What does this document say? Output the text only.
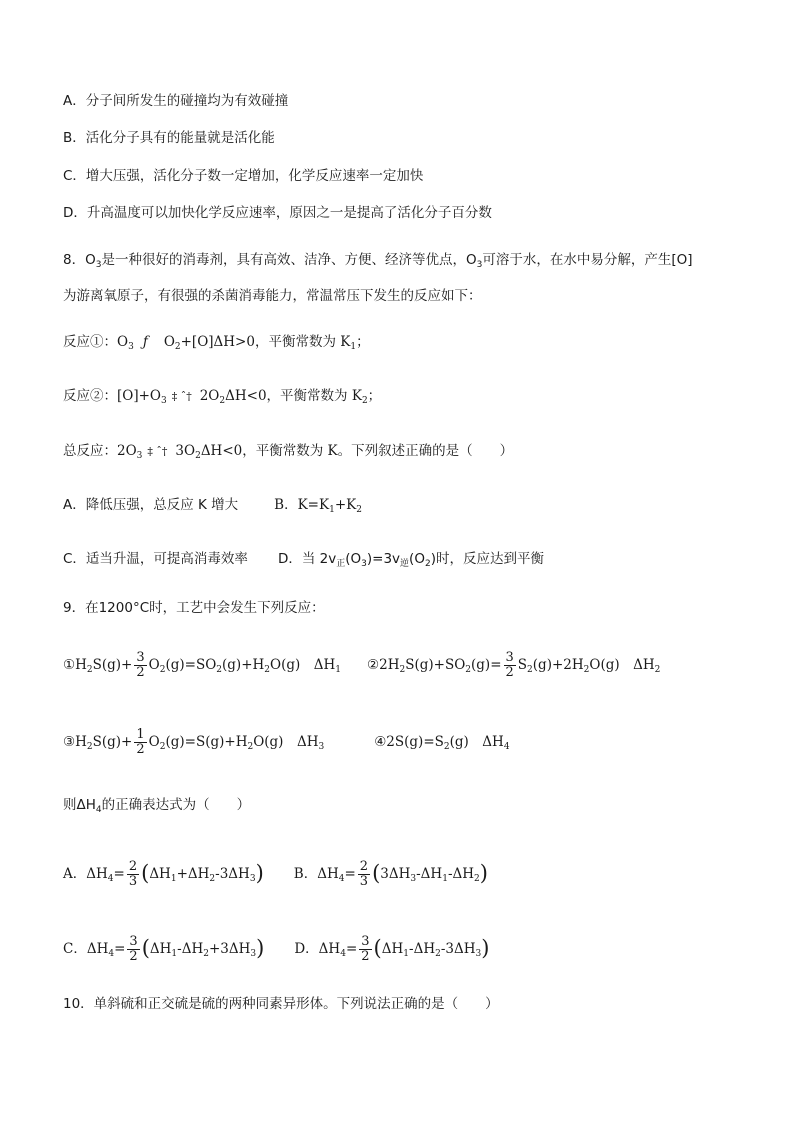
A．分子间所发生的碰撞均为有效碰撞
B．活化分子具有的能量就是活化能
C．增大压强，活化分子数一定增加，化学反应速率一定加快
D．升高温度可以加快化学反应速率，原因之一是提高了活化分子百分数
8．$O_3$是一种很好的消毒剂，具有高效、洁净、方便、经济等优点，$O_3$可溶于水，在水中易分解，产生[O]
为游离氧原子，有很强的杀菌消毒能力，常温常压下发生的反应如下：
反应①：$O_3$ ƒ $O_2+[O]\Delta H>0$，平衡常数为 $K_1$；
反应②：$[O]+O_3$ ‡ ˆ† $2O_2\Delta H<0$，平衡常数为 $K_2$；
总反应：$2O_3$ ‡ ˆ† $3O_2\Delta H<0$，平衡常数为 K。下列叙述正确的是（　　）
A．降低压强，总反应 K 增大	B．$K=K_1+K_2$
C．适当升温，可提高消毒效率 D．当 $2v_正(O_3)=3v_逆(O_2)$时，反应达到平衡
9．在1200°C时，工艺中会发生下列反应：
$①H_2S(g)+ \frac{3}{2} O_2(g)=SO_2(g)+H_2O(g)$　$\Delta H_1$ $②2H_2S(g)+SO_2(g)= \frac{3}{2} S_2(g)+2H_2O(g)$　$\Delta H_2$
$③H_2S(g)+ \frac{1}{2} O_2(g)=S(g)+H_2O(g)$　$\Delta H_3$	$④2S(g)=S_2(g)$　$\Delta H_4$
则$\Delta H_4$的正确表达式为（　　）
A．$\Delta H_4= \frac{2}{3} (\Delta H_1+\Delta H_2-3\Delta H_3)$ B．$\Delta H_4= \frac{2}{3} (3\Delta H_3-\Delta H_1-\Delta H_2)$
C．$\Delta H_4= \frac{3}{2} (\Delta H_1-\Delta H_2+3\Delta H_3)$ D．$\Delta H_4= \frac{3}{2} (\Delta H_1-\Delta H_2-3\Delta H_3)$
10．单斜硫和正交硫是硫的两种同素异形体。下列说法正确的是（　　）
